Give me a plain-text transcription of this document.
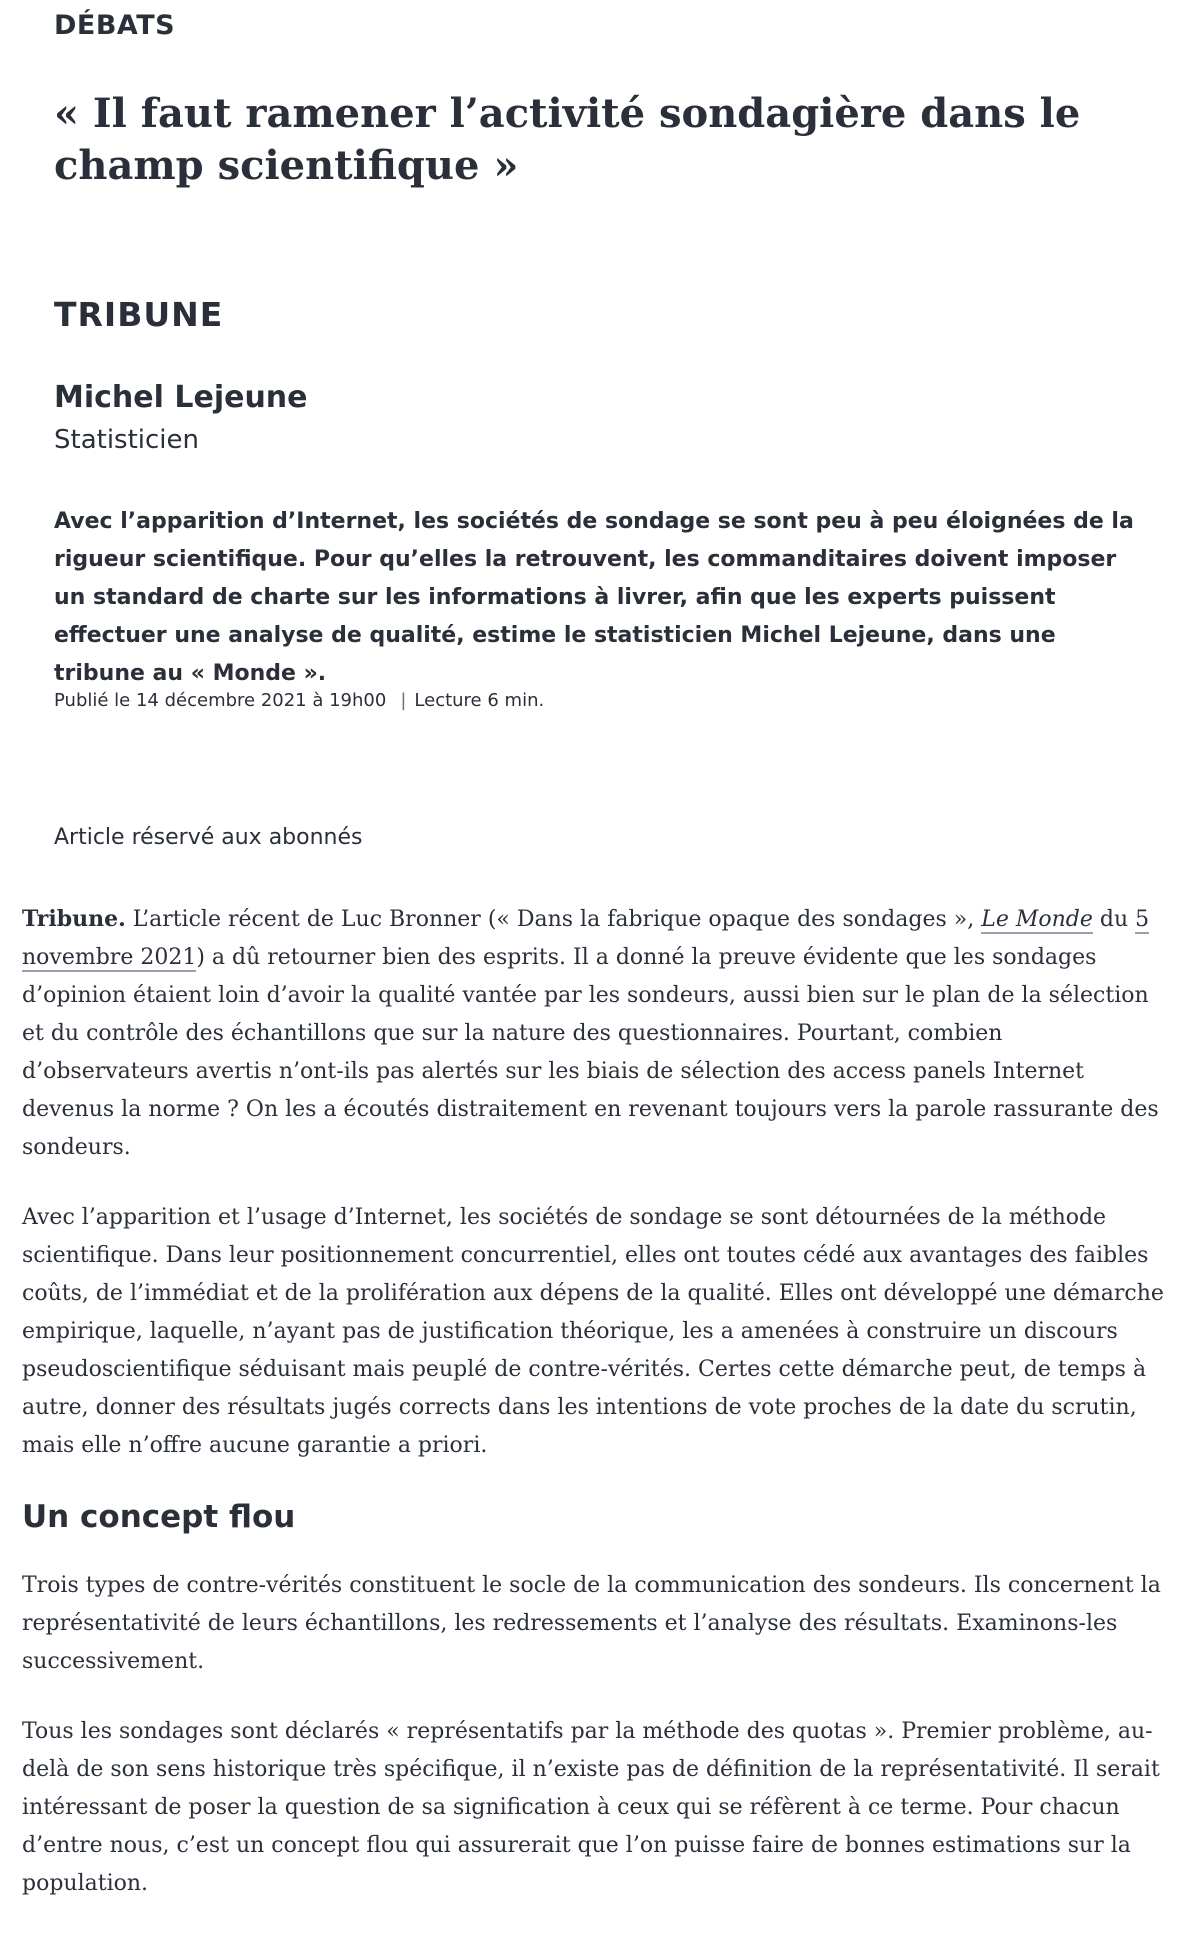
DÉBATS
« Il faut ramener l’activité sondagière dans le champ scientifique »
TRIBUNE
Michel Lejeune
Statisticien

Avec l’apparition d’Internet, les sociétés de sondage se sont peu à peu éloignées de la rigueur scientifique. Pour qu’elles la retrouvent, les commanditaires doivent imposer un standard de charte sur les informations à livrer, afin que les experts puissent effectuer une analyse de qualité, estime le statisticien Michel Lejeune, dans une tribune au « Monde ».

Publié le 14 décembre 2021 à 19h00 | Lecture 6 min.
Article réservé aux abonnés

Tribune. L’article récent de Luc Bronner (« Dans la fabrique opaque des sondages », Le Monde du 5 novembre 2021) a dû retourner bien des esprits. Il a donné la preuve évidente que les sondages d’opinion étaient loin d’avoir la qualité vantée par les sondeurs, aussi bien sur le plan de la sélection et du contrôle des échantillons que sur la nature des questionnaires. Pourtant, combien d’observateurs avertis n’ont-ils pas alertés sur les biais de sélection des access panels Internet devenus la norme ? On les a écoutés distraitement en revenant toujours vers la parole rassurante des sondeurs.

Avec l’apparition et l’usage d’Internet, les sociétés de sondage se sont détournées de la méthode scientifique. Dans leur positionnement concurrentiel, elles ont toutes cédé aux avantages des faibles coûts, de l’immédiat et de la prolifération aux dépens de la qualité. Elles ont développé une démarche empirique, laquelle, n’ayant pas de justification théorique, les a amenées à construire un discours pseudoscientifique séduisant mais peuplé de contre-vérités. Certes cette démarche peut, de temps à autre, donner des résultats jugés corrects dans les intentions de vote proches de la date du scrutin, mais elle n’offre aucune garantie a priori.

Un concept flou

Trois types de contre-vérités constituent le socle de la communication des sondeurs. Ils concernent la représentativité de leurs échantillons, les redressements et l’analyse des résultats. Examinons-les successivement.

Tous les sondages sont déclarés « représentatifs par la méthode des quotas ». Premier problème, au-delà de son sens historique très spécifique, il n’existe pas de définition de la représentativité. Il serait intéressant de poser la question de sa signification à ceux qui se réfèrent à ce terme. Pour chacun d’entre nous, c’est un concept flou qui assurerait que l’on puisse faire de bonnes estimations sur la population.
